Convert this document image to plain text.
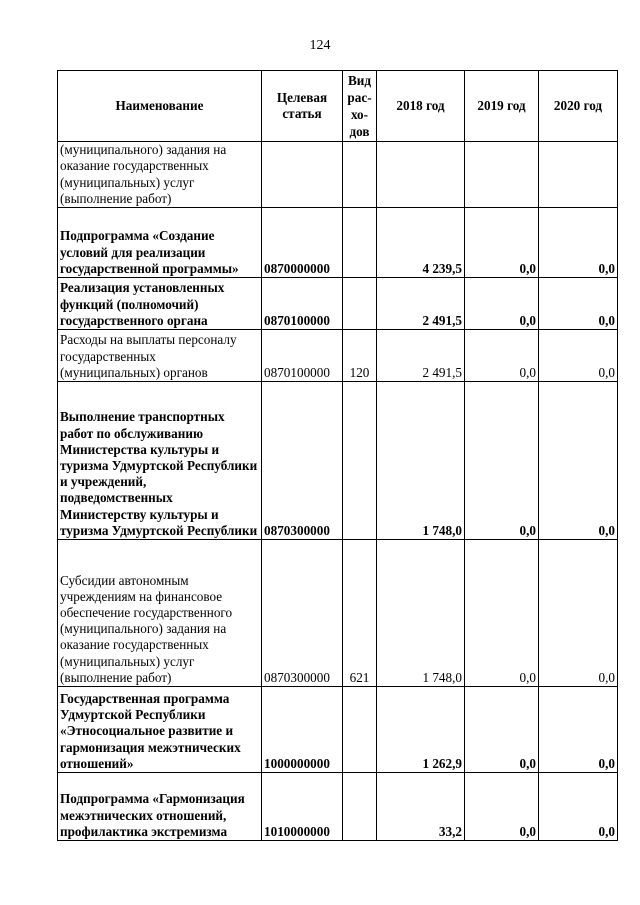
124
Наименование	Целевая статья	Вид рас-хо-дов	2018 год	2019 год	2020 год
(муниципального) задания на оказание государственных (муниципальных) услуг (выполнение работ)					
Подпрограмма «Создание условий для реализации государственной программы»	0870000000		4 239,5	0,0	0,0
Реализация установленных функций (полномочий) государственного органа	0870100000		2 491,5	0,0	0,0
Расходы на выплаты персоналу государственных (муниципальных) органов	0870100000	120	2 491,5	0,0	0,0
Выполнение транспортных работ по обслуживанию Министерства культуры и туризма Удмуртской Республики и учреждений, подведомственных Министерству культуры и туризма Удмуртской Республики	0870300000		1 748,0	0,0	0,0
Субсидии автономным учреждениям на финансовое обеспечение государственного (муниципального) задания на оказание государственных (муниципальных) услуг (выполнение работ)	0870300000	621	1 748,0	0,0	0,0
Государственная программа Удмуртской Республики «Этносоциальное развитие и гармонизация межэтнических отношений»	1000000000		1 262,9	0,0	0,0
Подпрограмма «Гармонизация межэтнических отношений, профилактика экстремизма	1010000000		33,2	0,0	0,0
